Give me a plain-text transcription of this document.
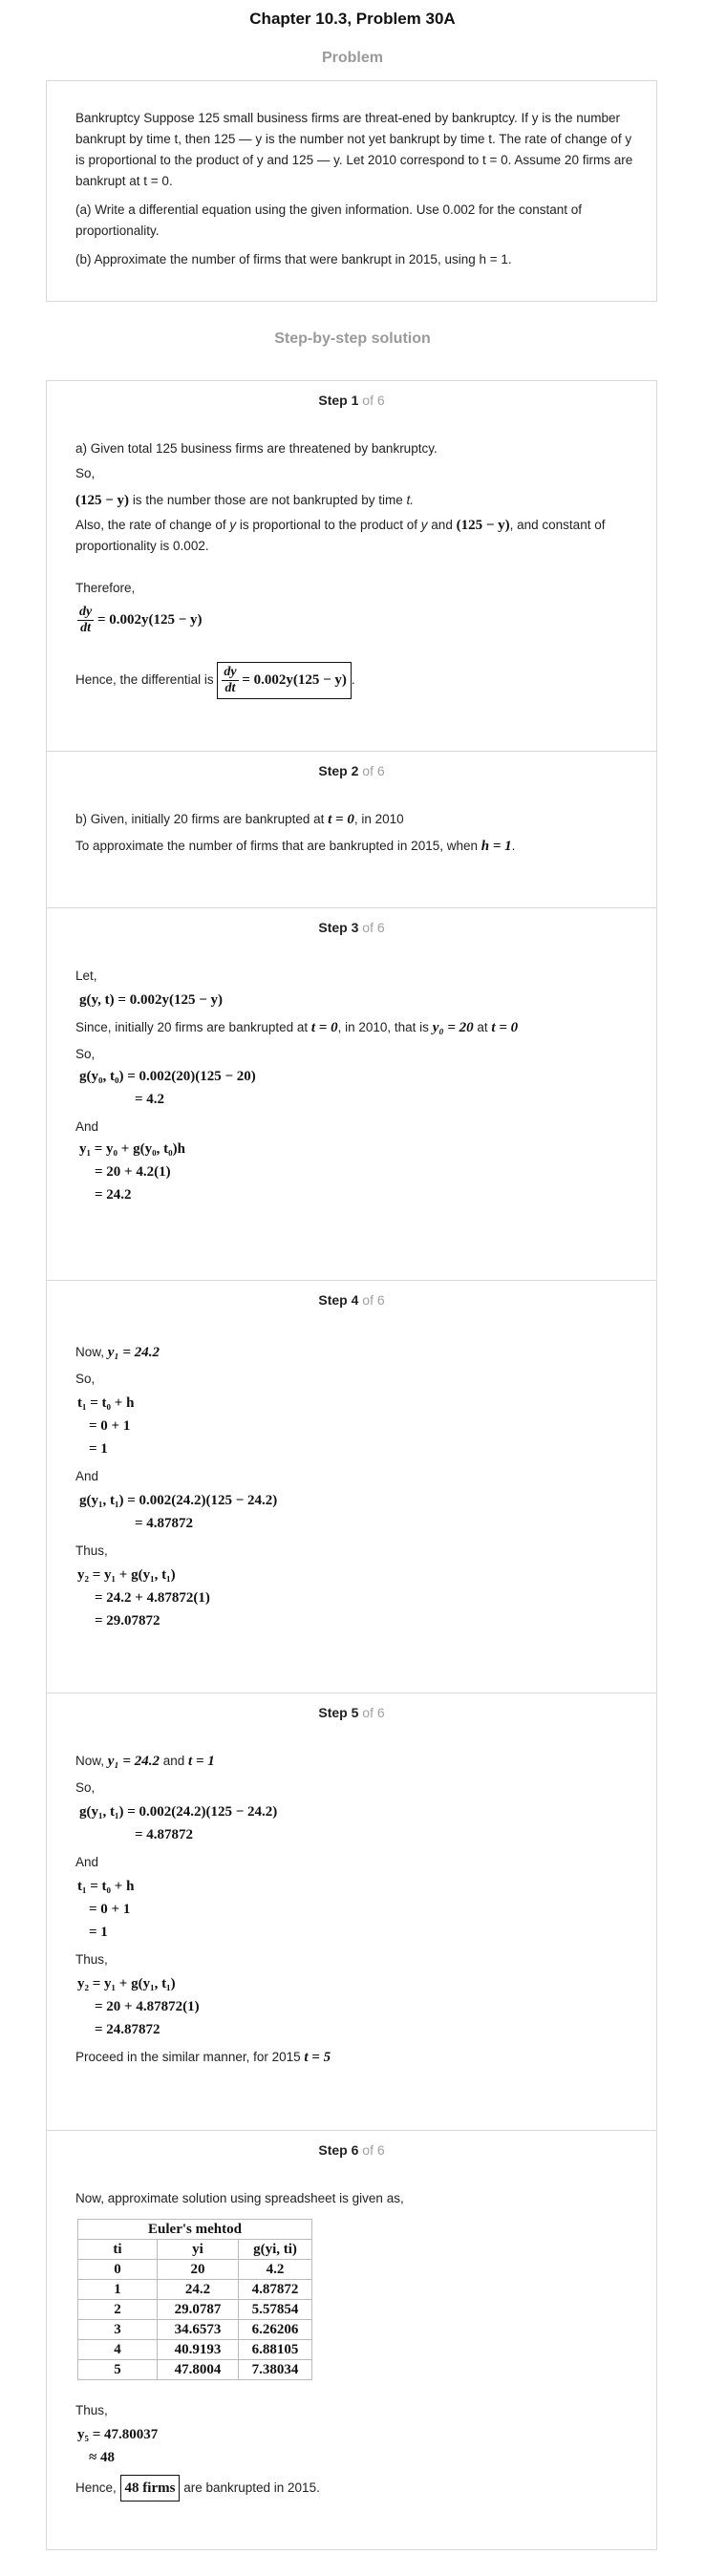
Chapter 10.3, Problem 30A
Problem
Bankruptcy Suppose 125 small business firms are threat-ened by bankruptcy. If y is the number bankrupt by time t, then 125 — y is the number not yet bankrupt by time t. The rate of change of y is proportional to the product of y and 125 — y. Let 2010 correspond to t = 0. Assume 20 firms are bankrupt at t = 0.
(a) Write a differential equation using the given information. Use 0.002 for the constant of proportionality.
(b) Approximate the number of firms that were bankrupt in 2015, using h = 1.
Step-by-step solution
Step 1 of 6
a) Given total 125 business firms are threatened by bankruptcy.
So,
(125 − y) is the number those are not bankrupted by time t.
Also, the rate of change of y is proportional to the product of y and (125 − y), and constant of proportionality is 0.002.
Therefore,
$\frac{dy}{dt} = 0.002y(125 - y)$
Hence, the differential is $\frac{dy}{dt} = 0.002y(125 - y)$ .
Step 2 of 6
b) Given, initially 20 firms are bankrupted at t = 0, in 2010
To approximate the number of firms that are bankrupted in 2015, when h = 1.
Step 3 of 6
Let,
g(y, t) = 0.002y(125 − y)
Since, initially 20 firms are bankrupted at t = 0, in 2010, that is y₀ = 20 at t = 0
So,
g(y₀, t₀) = 0.002(20)(125 − 20)
= 4.2
And
y₁ = y₀ + g(y₀, t₀)h
= 20 + 4.2(1)
= 24.2
Step 4 of 6
Now, y₁ = 24.2
So,
t₁ = t₀ + h
= 0 + 1
= 1
And
g(y₁, t₁) = 0.002(24.2)(125 − 24.2)
= 4.87872
Thus,
y₂ = y₁ + g(y₁, t₁)
= 24.2 + 4.87872(1)
= 29.07872
Step 5 of 6
Now, y₁ = 24.2 and t = 1
So,
g(y₁, t₁) = 0.002(24.2)(125 − 24.2)
= 4.87872
And
t₁ = t₀ + h
= 0 + 1
= 1
Thus,
y₂ = y₁ + g(y₁, t₁)
= 20 + 4.87872(1)
= 24.87872
Proceed in the similar manner, for 2015 t = 5
Step 6 of 6
Now, approximate solution using spreadsheet is given as,
Euler's mehtod		
ti	yi	g(yi, ti)
0	20	4.2
1	24.2	4.87872
2	29.0787	5.57854
3	34.6573	6.26206
4	40.9193	6.88105
5	47.8004	7.38034
Thus,
y₅ = 47.80037
≈ 48
Hence, 48 firms are bankrupted in 2015.
